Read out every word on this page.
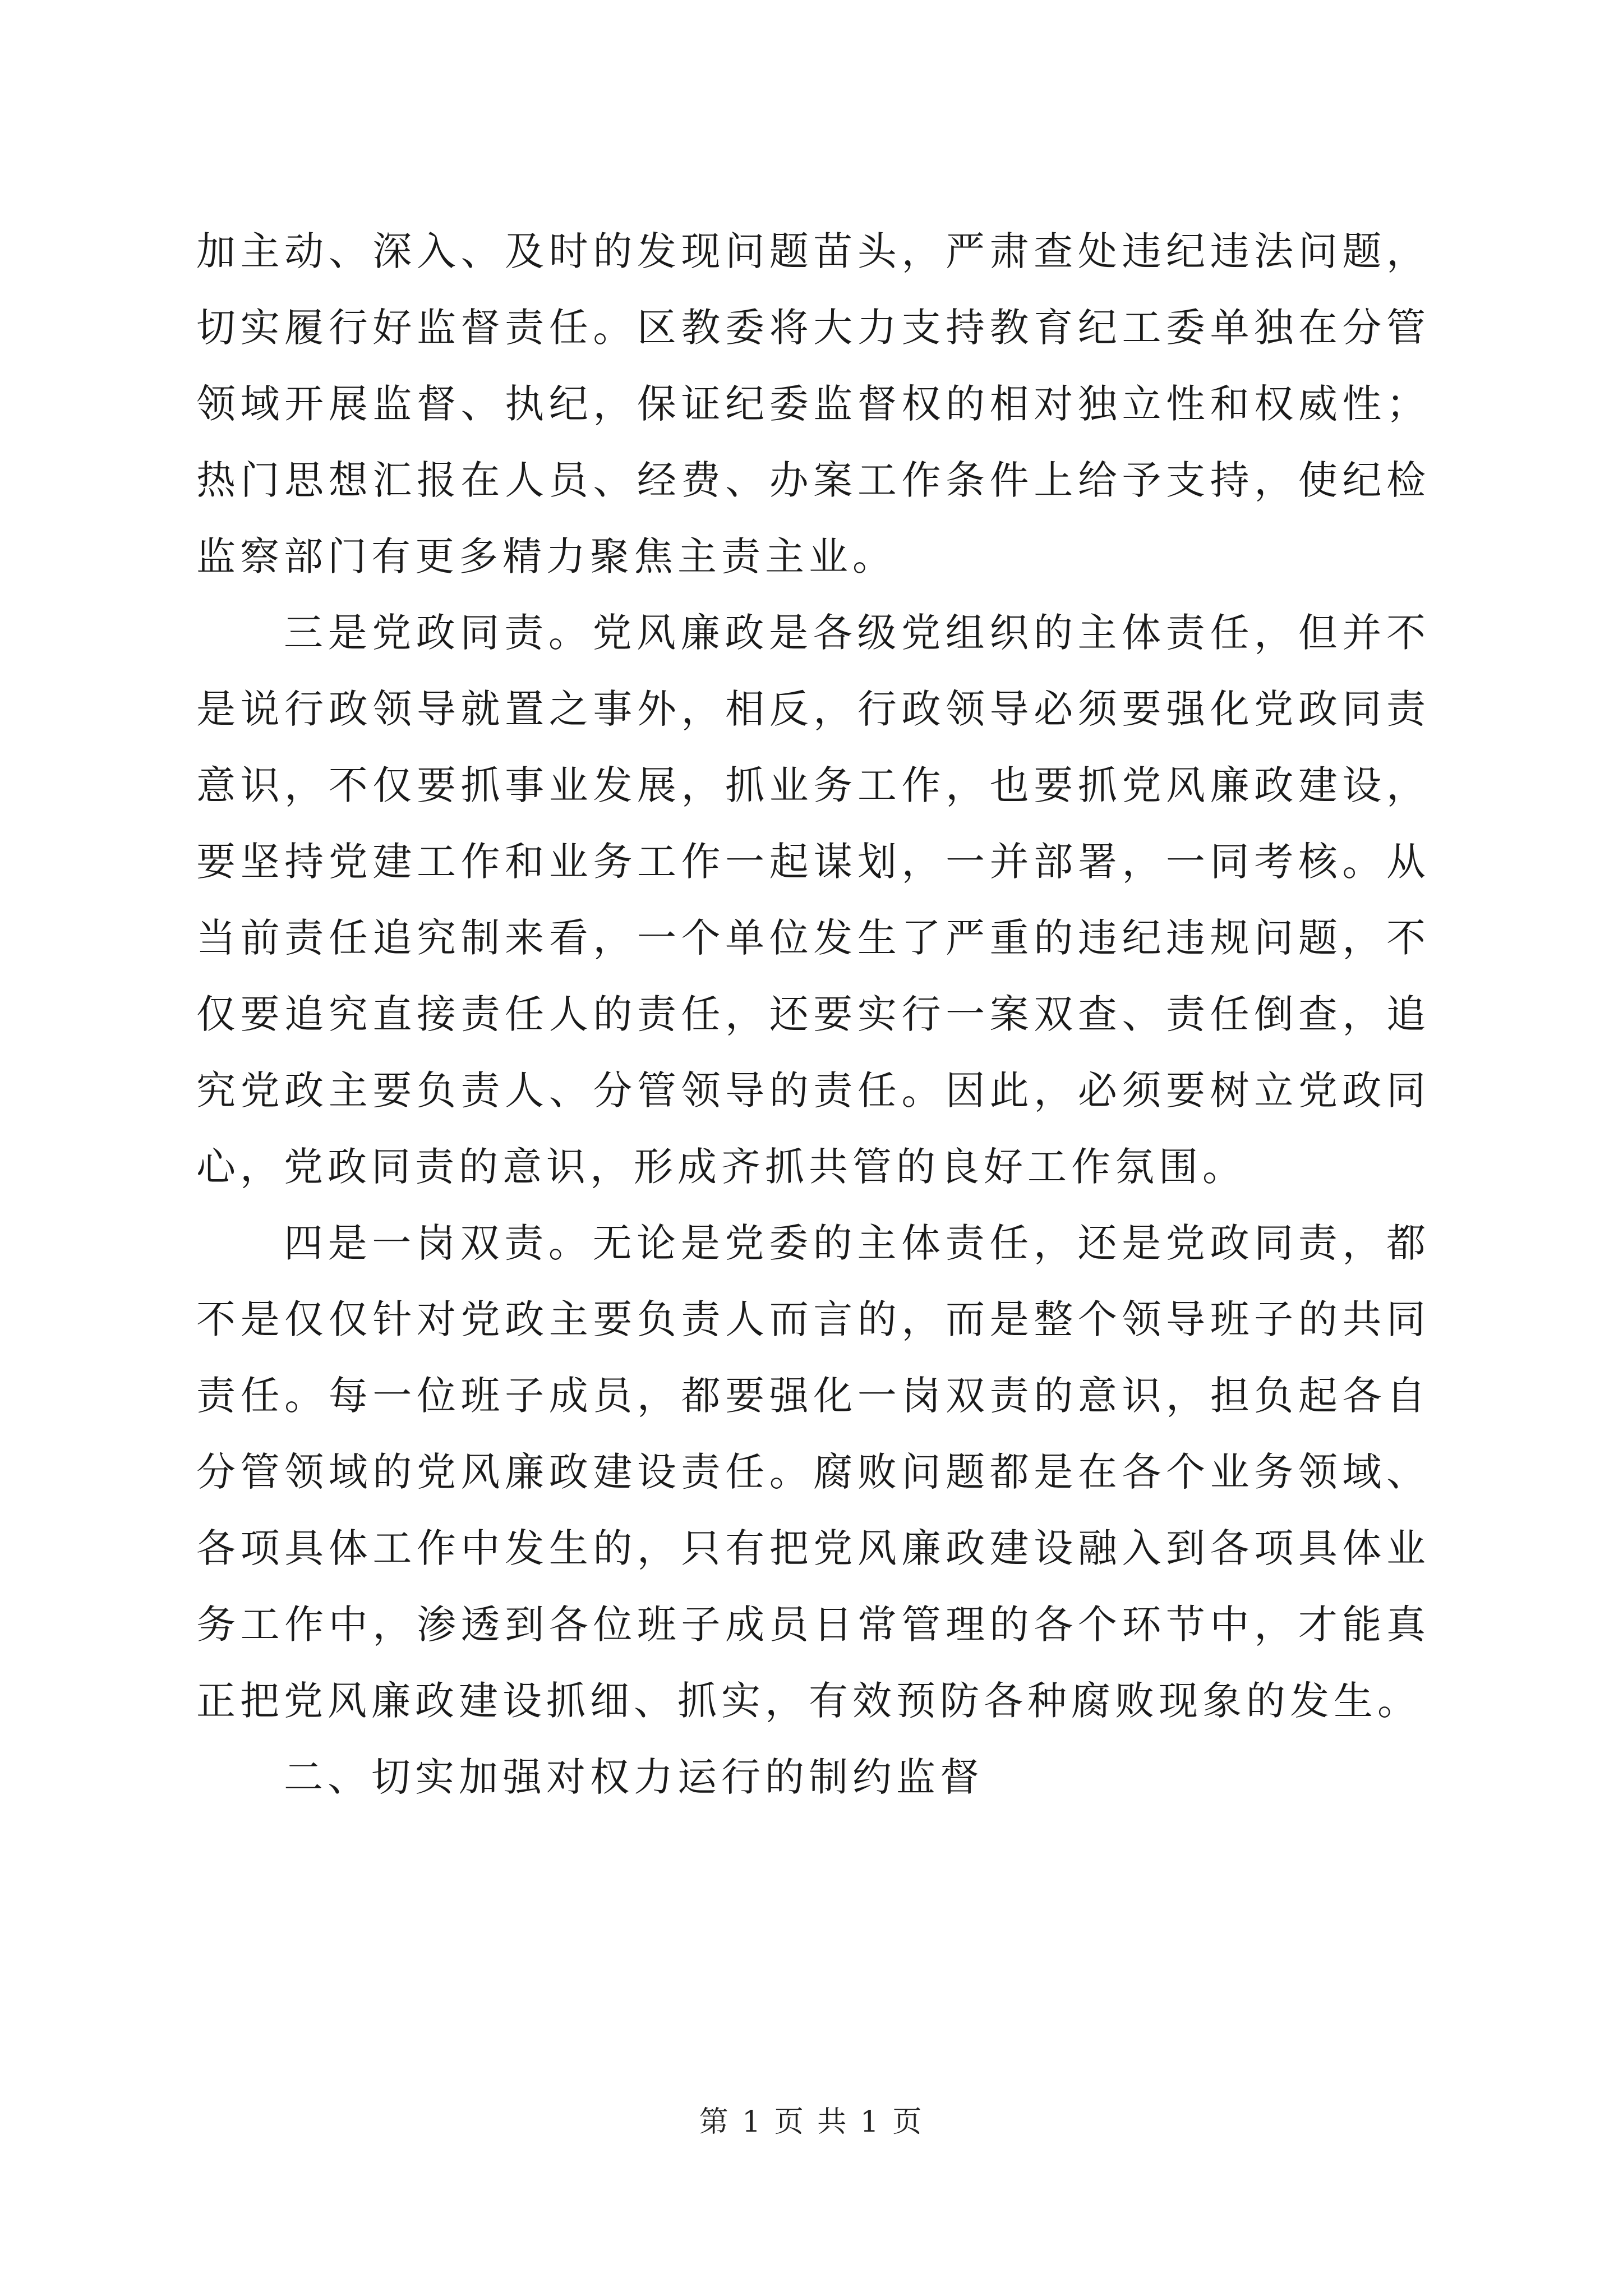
加主动、深入、及时的发现问题苗头，严肃查处违纪违法问题，切实履行好监督责任。区教委将大力支持教育纪工委单独在分管领域开展监督、执纪，保证纪委监督权的相对独立性和权威性；热门思想汇报在人员、经费、办案工作条件上给予支持，使纪检监察部门有更多精力聚焦主责主业。

三是党政同责。党风廉政是各级党组织的主体责任，但并不是说行政领导就置之事外，相反，行政领导必须要强化党政同责意识，不仅要抓事业发展，抓业务工作，也要抓党风廉政建设，要坚持党建工作和业务工作一起谋划，一并部署，一同考核。从当前责任追究制来看，一个单位发生了严重的违纪违规问题，不仅要追究直接责任人的责任，还要实行一案双查、责任倒查，追究党政主要负责人、分管领导的责任。因此，必须要树立党政同心，党政同责的意识，形成齐抓共管的良好工作氛围。

四是一岗双责。无论是党委的主体责任，还是党政同责，都不是仅仅针对党政主要负责人而言的，而是整个领导班子的共同责任。每一位班子成员，都要强化一岗双责的意识，担负起各自分管领域的党风廉政建设责任。腐败问题都是在各个业务领域、各项具体工作中发生的，只有把党风廉政建设融入到各项具体业务工作中，渗透到各位班子成员日常管理的各个环节中，才能真正把党风廉政建设抓细、抓实，有效预防各种腐败现象的发生。

二、切实加强对权力运行的制约监督

第 1 页 共 1 页
